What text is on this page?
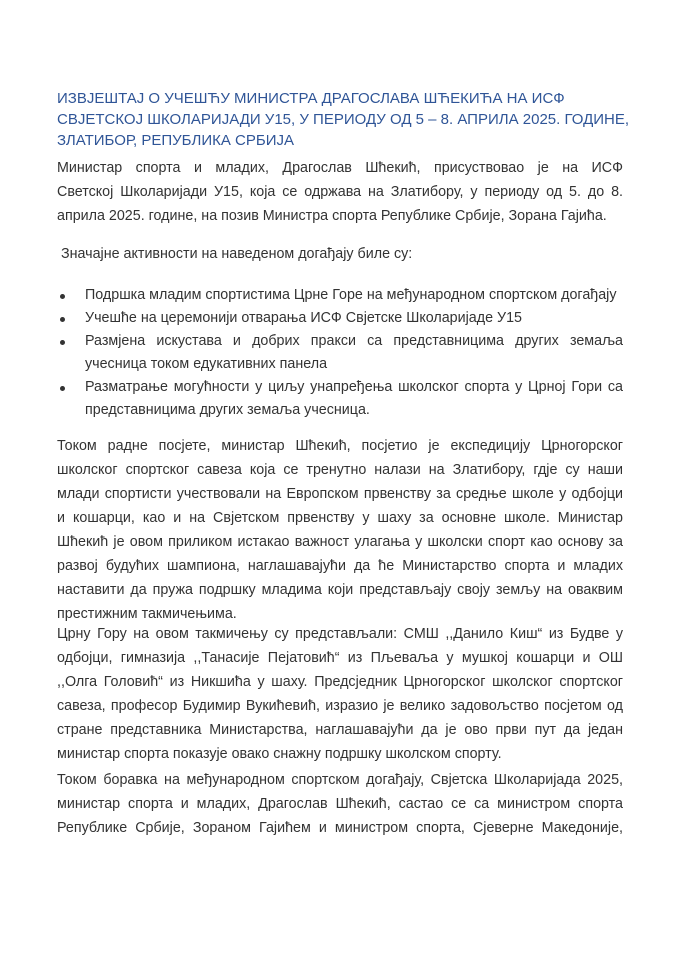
ИЗВЈЕШТАЈ О УЧЕШЋУ МИНИСТРА ДРАГОСЛАВА ШЋЕКИЋА НА ИСФ
СВЈЕТСКОЈ ШКОЛАРИЈАДИ У15, У ПЕРИОДУ ОД 5 – 8. АПРИЛА 2025. ГОДИНЕ,
ЗЛАТИБОР, РЕПУБЛИКА СРБИЈА
Министар спорта и младих, Драгослав Шћекић, присуствовао је на ИСФ
Светској Школаријади У15, која се одржава на Златибору, у периоду од 5. до 8.
априла 2025. године, на позив Министра спорта Републике Србије, Зорана Гајића.
Значајне активности на наведеном догађају биле су:
Подршка младим спортистима Црне Горе на међународном спортском догађају
Учешће на церемонији отварања ИСФ Свјетске Школаријаде У15
Размјена искустава и добрих пракси са представницима других земаља
учесница током едукативних панела
Разматрање могућности у циљу унапређења школског спорта у Црној Гори са
представницима других земаља учесница.
Током радне посјете, министар Шћекић, посјетио је експедицију Црногорског
школског спортског савеза која се тренутно налази на Златибору, гдје су наши
млади спортисти учествовали на Европском првенству за средње школе у одбојци
и кошарци, као и на Свјетском првенству у шаху за основне школе. Министар
Шћекић је овом приликом истакао важност улагања у школски спорт као основу за
развој будућих шампиона, наглашавајући да ће Министарство спорта и младих
наставити да пружа подршку младима који представљају своју земљу на оваквим
престижним такмичењима.
Црну Гору на овом такмичењу су представљали: СМШ ,,Данило Киш“ из Будве у
одбојци, гимназија ,,Танасије Пејатовић“ из Пљеваља у мушкој кошарци и ОШ
,,Олга Головић“ из Никшића у шаху. Предсједник Црногорског школског спортског
савеза, професор Будимир Вукићевић, изразио је велико задовољство посјетом од
стране представника Министарства, наглашавајући да је ово први пут да један
министар спорта показује овако снажну подршку школском спорту.
Током боравка на међународном спортском догађају, Свјетска Школаријада 2025,
министар спорта и младих, Драгослав Шћекић, састао се са министром спорта
Републике Србије, Зораном Гајићем и министром спорта, Сјеверне Македоније,
